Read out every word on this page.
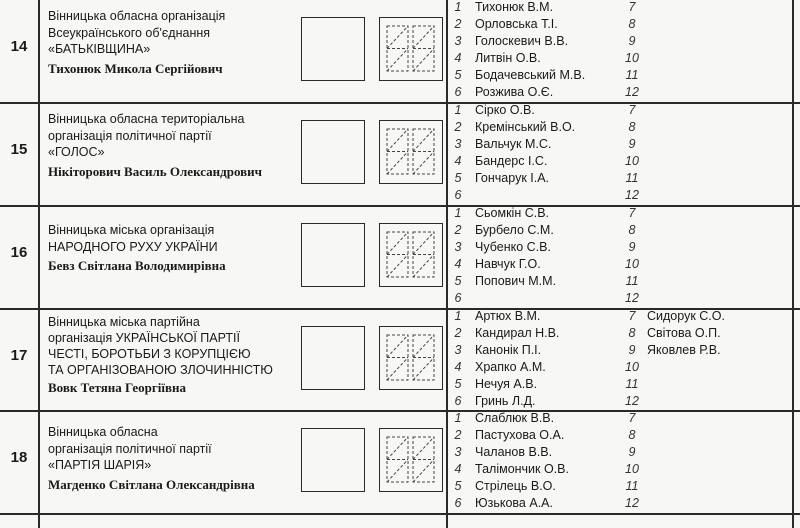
14
Вінницька обласна організація
Всеукраїнського об'єднання
«БАТЬКІВЩИНА»
Тихонюк Микола Сергійович
1 Тихонюк В.М.	7
2 Орловська Т.І.	8
3 Голоскевич В.В.	9
4 Литвін О.В.	10
5 Бодачевський М.В.	11
6 Розжива О.Є.	12
15
Вінницька обласна територіальна
організація політичної партії
«ГОЛОС»
Нікіторович Василь Олександрович
1 Сірко О.В.	7
2 Кремінський В.О.	8
3 Вальчук М.С.	9
4 Бандерс І.С.	10
5 Гончарук І.А.	11
6	12
16
Вінницька міська організація
НАРОДНОГО РУХУ УКРАЇНИ
Бевз Світлана Володимирівна
1 Сьомкін С.В.	7
2 Бурбело С.М.	8
3 Чубенко С.В.	9
4 Навчук Г.О.	10
5 Попович М.М.	11
6	12
17
Вінницька міська партійна
організація УКРАЇНСЬКОЇ ПАРТІЇ
ЧЕСТІ, БОРОТЬБИ З КОРУПЦІЄЮ
ТА ОРГАНІЗОВАНОЮ ЗЛОЧИННІСТЮ
Вовк Тетяна Георгіївна
1 Артюх В.М.	7 Сидорук С.О.
2 Кандирал Н.В.	8 Світова О.П.
3 Канонік П.І.	9 Яковлев Р.В.
4 Храпко А.М.	10
5 Нечуя А.В.	11
6 Гринь Л.Д.	12
18
Вінницька обласна
організація політичної партії
«ПАРТІЯ ШАРІЯ»
Магденко Світлана Олександрівна
1 Слаблюк В.В.	7
2 Пастухова О.А.	8
3 Чаланов В.В.	9
4 Талімончик О.В.	10
5 Стрілець В.О.	11
6 Юзькова А.А.	12
